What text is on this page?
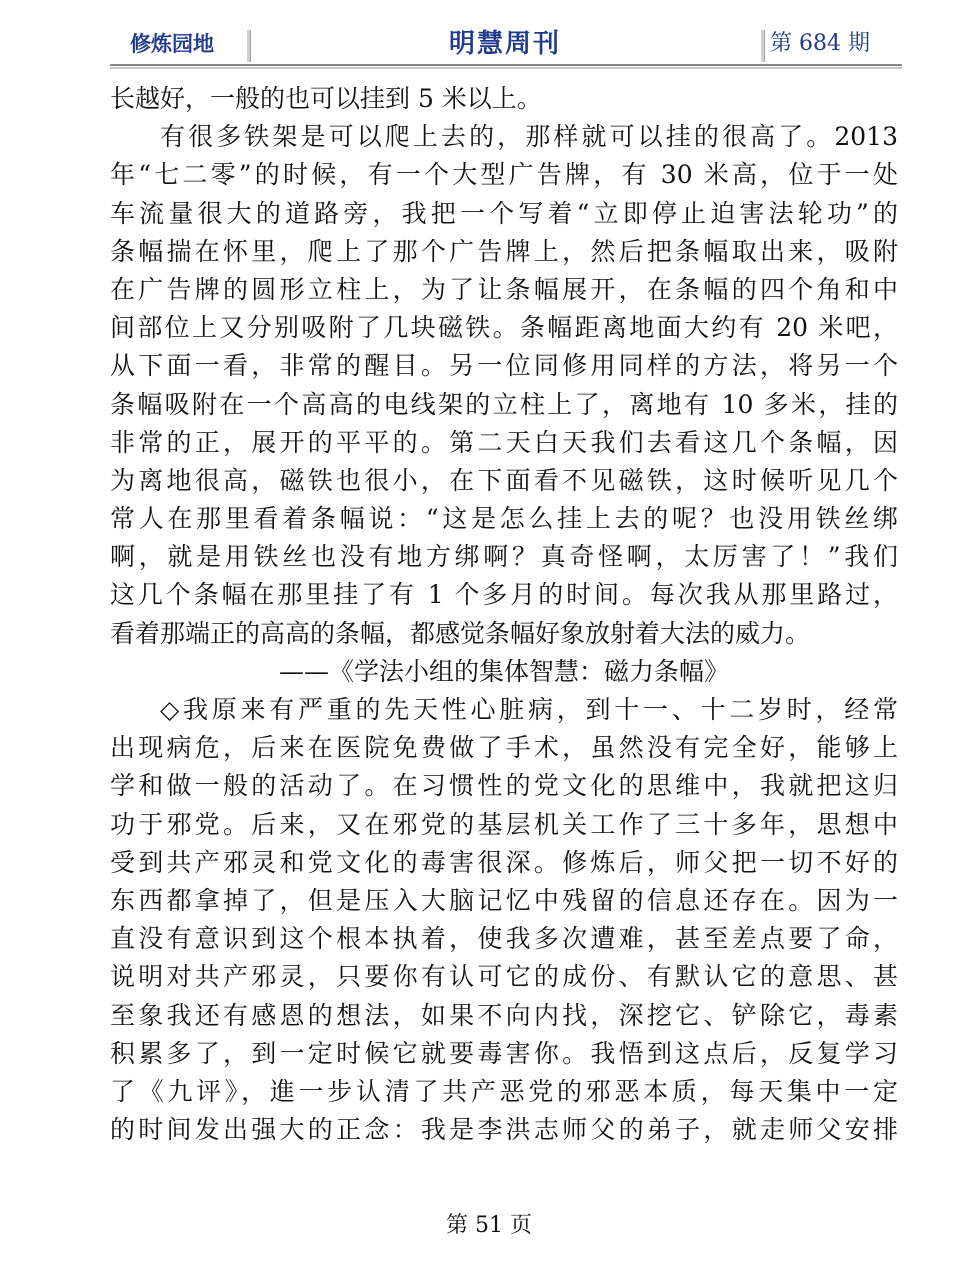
修炼园地	明慧周刊	第 684 期
长越好，一般的也可以挂到 5 米以上。
有很多铁架是可以爬上去的，那样就可以挂的很高了。2013
年“七二零”的时候，有一个大型广告牌，有 30 米高，位于一处
车流量很大的道路旁，我把一个写着“立即停止迫害法轮功”的
条幅揣在怀里，爬上了那个广告牌上，然后把条幅取出来，吸附
在广告牌的圆形立柱上，为了让条幅展开，在条幅的四个角和中
间部位上又分别吸附了几块磁铁。条幅距离地面大约有 20 米吧，
从下面一看，非常的醒目。另一位同修用同样的方法，将另一个
条幅吸附在一个高高的电线架的立柱上了，离地有 10 多米，挂的
非常的正，展开的平平的。第二天白天我们去看这几个条幅，因
为离地很高，磁铁也很小，在下面看不见磁铁，这时候听见几个
常人在那里看着条幅说：“这是怎么挂上去的呢？也没用铁丝绑
啊，就是用铁丝也没有地方绑啊？真奇怪啊，太厉害了！”我们
这几个条幅在那里挂了有 1 个多月的时间。每次我从那里路过，
看着那端正的高高的条幅，都感觉条幅好象放射着大法的威力。
——《学法小组的集体智慧：磁力条幅》
◇我原来有严重的先天性心脏病，到十一、十二岁时，经常
出现病危，后来在医院免费做了手术，虽然没有完全好，能够上
学和做一般的活动了。在习惯性的党文化的思维中，我就把这归
功于邪党。后来，又在邪党的基层机关工作了三十多年，思想中
受到共产邪灵和党文化的毒害很深。修炼后，师父把一切不好的
东西都拿掉了，但是压入大脑记忆中残留的信息还存在。因为一
直没有意识到这个根本执着，使我多次遭难，甚至差点要了命，
说明对共产邪灵，只要你有认可它的成份、有默认它的意思、甚
至象我还有感恩的想法，如果不向内找，深挖它、铲除它，毒素
积累多了，到一定时候它就要毒害你。我悟到这点后，反复学习
了《九评》，進一步认清了共产恶党的邪恶本质，每天集中一定
的时间发出强大的正念：我是李洪志师父的弟子，就走师父安排
第 51 页
